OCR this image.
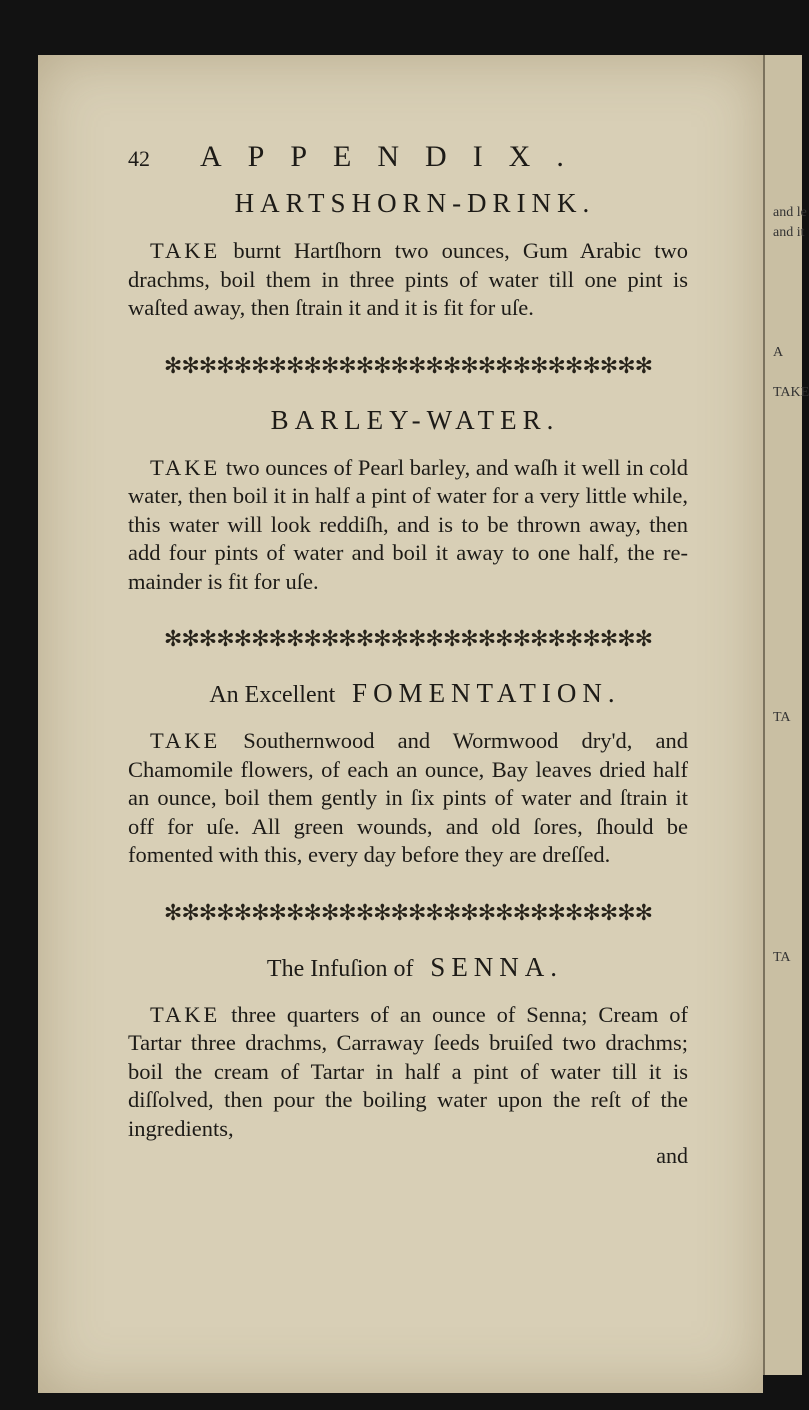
and le
and it
A
TAKE
TA
TA
42	APPENDIX.
HARTSHORN-DRINK.

TAKE burnt Hartſhorn two ounces, Gum Arabic two drachms, boil them in three pints of water till one pint is waſted away, then ſtrain it and it is fit for uſe.

✻✻✻✻✻✻✻✻✻✻✻✻✻✻✻✻✻✻✻✻✻✻✻✻✻✻✻✻
BARLEY-WATER.

TAKE two ounces of Pearl barley, and waſh it well in cold water, then boil it in half a pint of water for a very little while, this water will look reddiſh, and is to be thrown away, then add four pints of water and boil it away to one half, the re-mainder is fit for uſe.

✻✻✻✻✻✻✻✻✻✻✻✻✻✻✻✻✻✻✻✻✻✻✻✻✻✻✻✻
An Excellent FOMENTATION.

TAKE Southernwood and Wormwood dry'd, and Chamomile flowers, of each an ounce, Bay leaves dried half an ounce, boil them gently in ſix pints of water and ſtrain it off for uſe. All green wounds, and old ſores, ſhould be fomented with this, every day before they are dreſſed.

✻✻✻✻✻✻✻✻✻✻✻✻✻✻✻✻✻✻✻✻✻✻✻✻✻✻✻✻
The Infuſion of SENNA.

TAKE three quarters of an ounce of Senna; Cream of Tartar three drachms, Carraway ſeeds bruiſed two drachms; boil the cream of Tartar in half a pint of water till it is diſſolved, then pour the boiling water upon the reſt of the ingredients,

and
